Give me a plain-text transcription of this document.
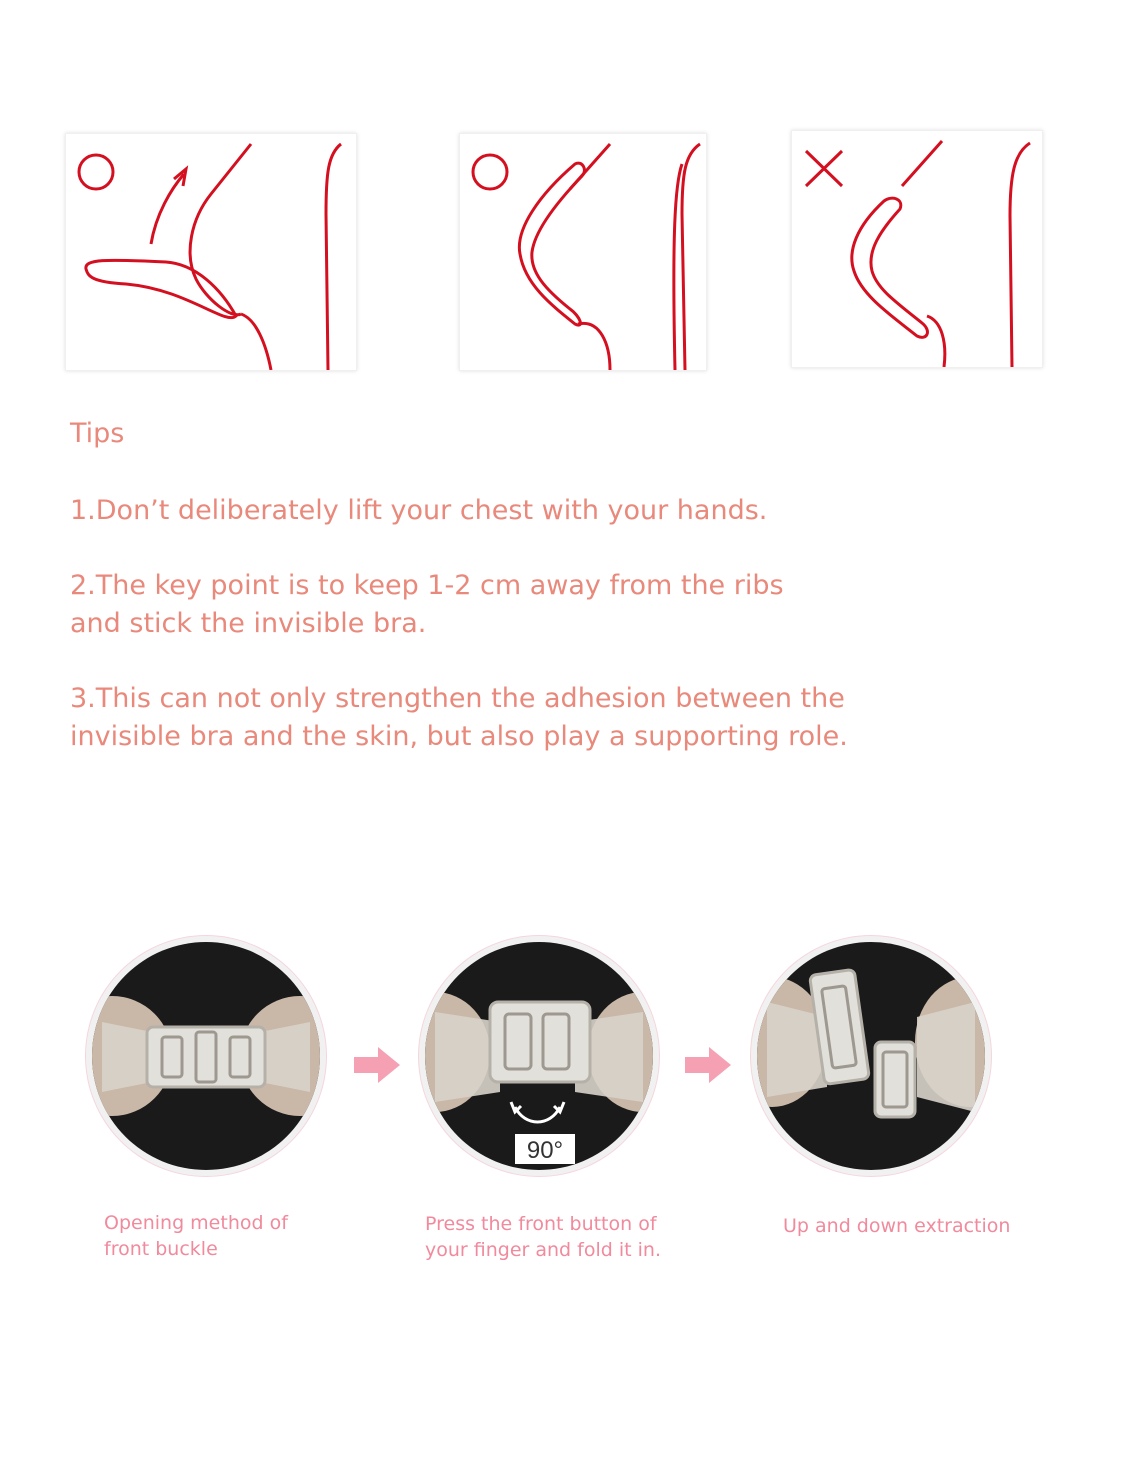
Tips

1.Don’t deliberately lift your chest with your hands.

2.The key point is to keep 1-2 cm away from the ribs and stick the invisible bra.

3.This can not only strengthen the adhesion between the invisible bra and the skin, but also play a supporting role.

90°
Opening method of front buckle
Press the front button of your finger and fold it in.
Up and down extraction
